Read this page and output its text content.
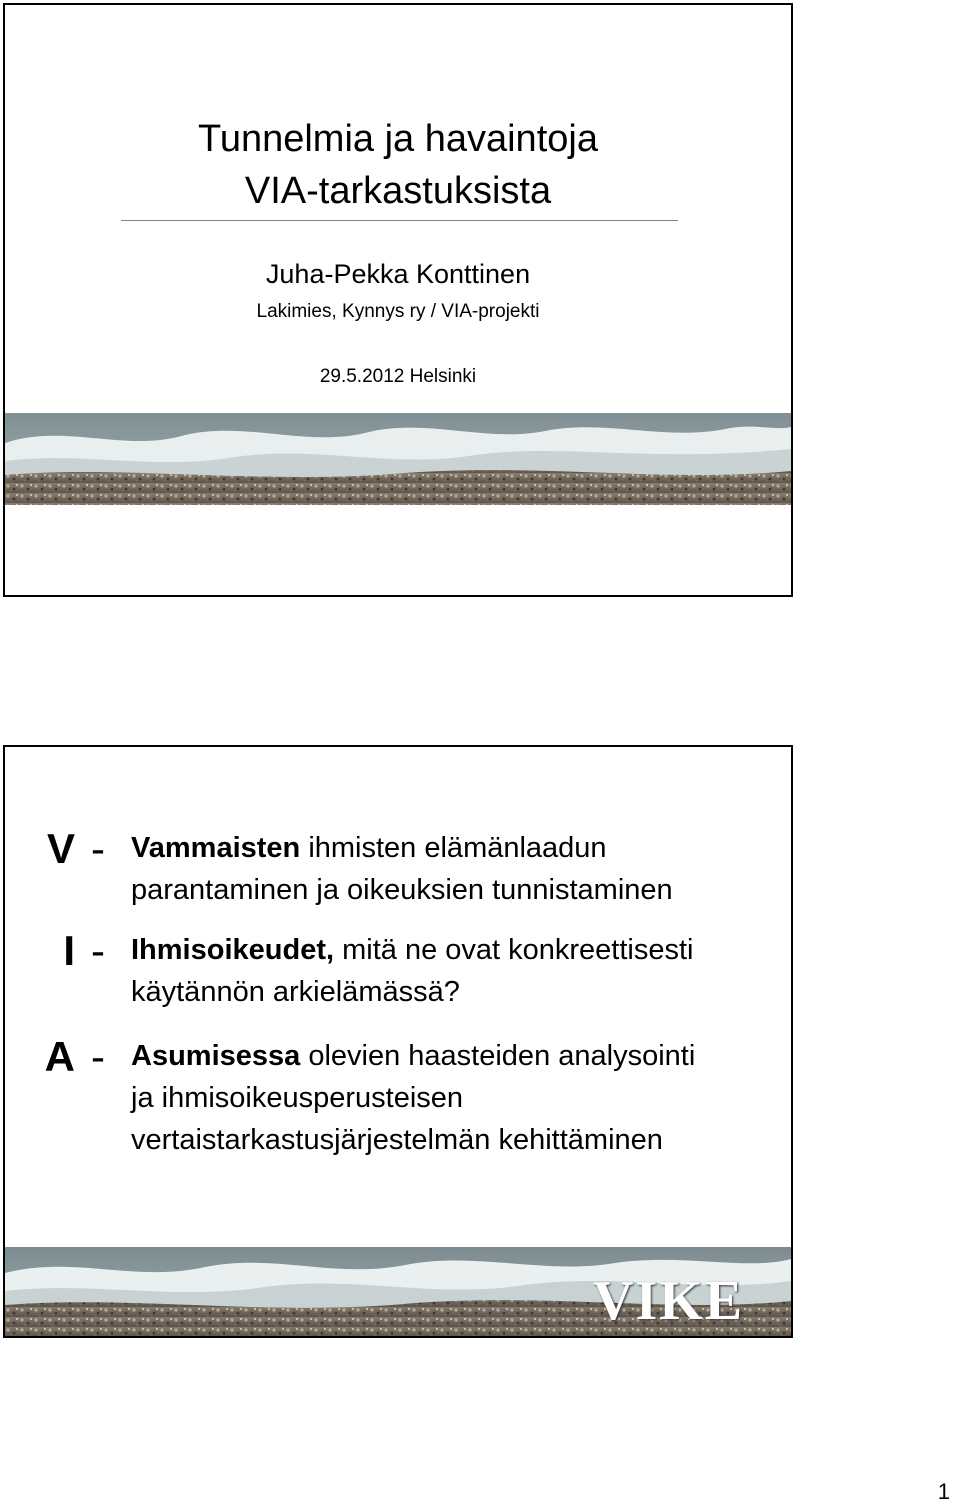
Tunnelmia ja havaintoja
VIA-tarkastuksista
Juha-Pekka Konttinen
Lakimies, Kynnys ry / VIA-projekti
29.5.2012 Helsinki
V - Vammaisten ihmisten elämänlaadun
parantaminen ja oikeuksien tunnistaminen
I - Ihmisoikeudet, mitä ne ovat konkreettisesti
käytännön arkielämässä?
A - Asumisessa olevien haasteiden analysointi
ja ihmisoikeusperusteisen
vertaistarkastusjärjestelmän kehittäminen
VIKE
1
